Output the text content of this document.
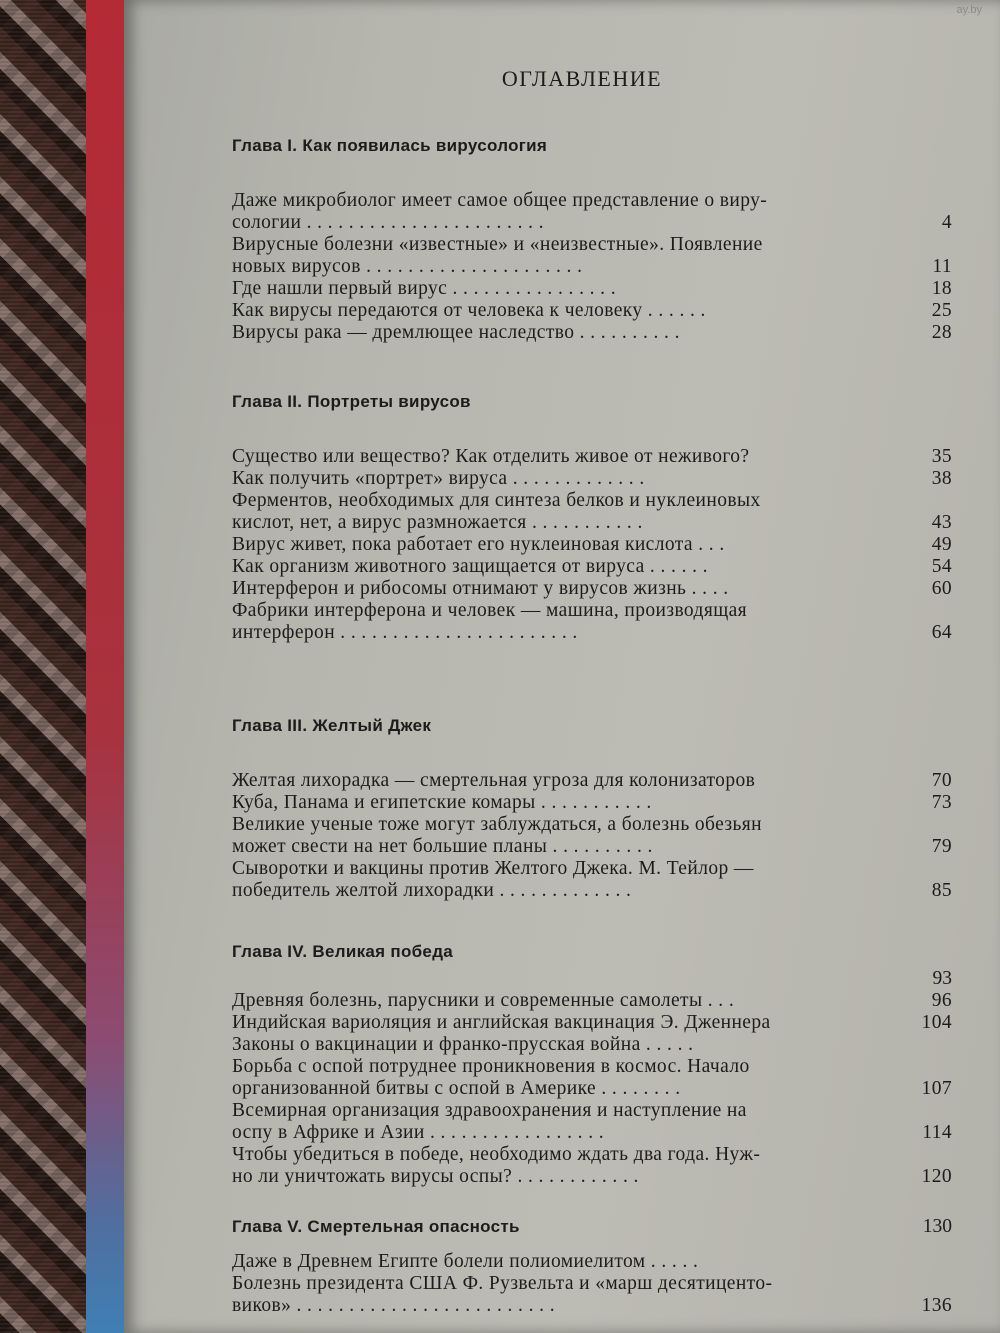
ay.by
ОГЛАВЛЕНИЕ
Глава I. Как появилась вирусология
Даже микробиолог имеет самое общее представление о виру-
сологии . . . . . . . . . . . . . . . . . . . . . . .	4
Вирусные болезни «известные» и «неизвестные». Появление
новых вирусов . . . . . . . . . . . . . . . . . . . . .	11
Где нашли первый вирус . . . . . . . . . . . . . . . .	18
Как вирусы передаются от человека к человеку . . . . . .	25
Вирусы рака — дремлющее наследство . . . . . . . . . .	28
Глава II. Портреты вирусов
Существо или вещество? Как отделить живое от неживого?	35
Как получить «портрет» вируса . . . . . . . . . . . . .	38
Ферментов, необходимых для синтеза белков и нуклеиновых
кислот, нет, а вирус размножается . . . . . . . . . . .	43
Вирус живет, пока работает его нуклеиновая кислота . . .	49
Как организм животного защищается от вируса . . . . . .	54
Интерферон и рибосомы отнимают у вирусов жизнь . . . .	60
Фабрики интерферона и человек — машина, производящая
интерферон . . . . . . . . . . . . . . . . . . . . . . .	64
Глава III. Желтый Джек
Желтая лихорадка — смертельная угроза для колонизаторов	70
Куба, Панама и египетские комары . . . . . . . . . . .	73
Великие ученые тоже могут заблуждаться, а болезнь обезьян
может свести на нет большие планы . . . . . . . . . .	79
Сыворотки и вакцины против Желтого Джека. М. Тейлор —
победитель желтой лихорадки . . . . . . . . . . . . .	85
Глава IV. Великая победа
93
Древняя болезнь, парусники и современные самолеты . . .	96
Индийская вариоляция и английская вакцинация Э. Дженнера	104
Законы о вакцинации и франко-прусская война . . . . .
Борьба с оспой потруднее проникновения в космос. Начало
организованной битвы с оспой в Америке . . . . . . . .	107
Всемирная организация здравоохранения и наступление на
оспу в Африке и Азии . . . . . . . . . . . . . . . . .	114
Чтобы убедиться в победе, необходимо ждать два года. Нуж-
но ли уничтожать вирусы оспы? . . . . . . . . . . . .	120
Глава V. Смертельная опасность	130
Даже в Древнем Египте болели полиомиелитом . . . . .
Болезнь президента США Ф. Рузвельта и «марш десятиценто-
виков» . . . . . . . . . . . . . . . . . . . . . . . . .	136
